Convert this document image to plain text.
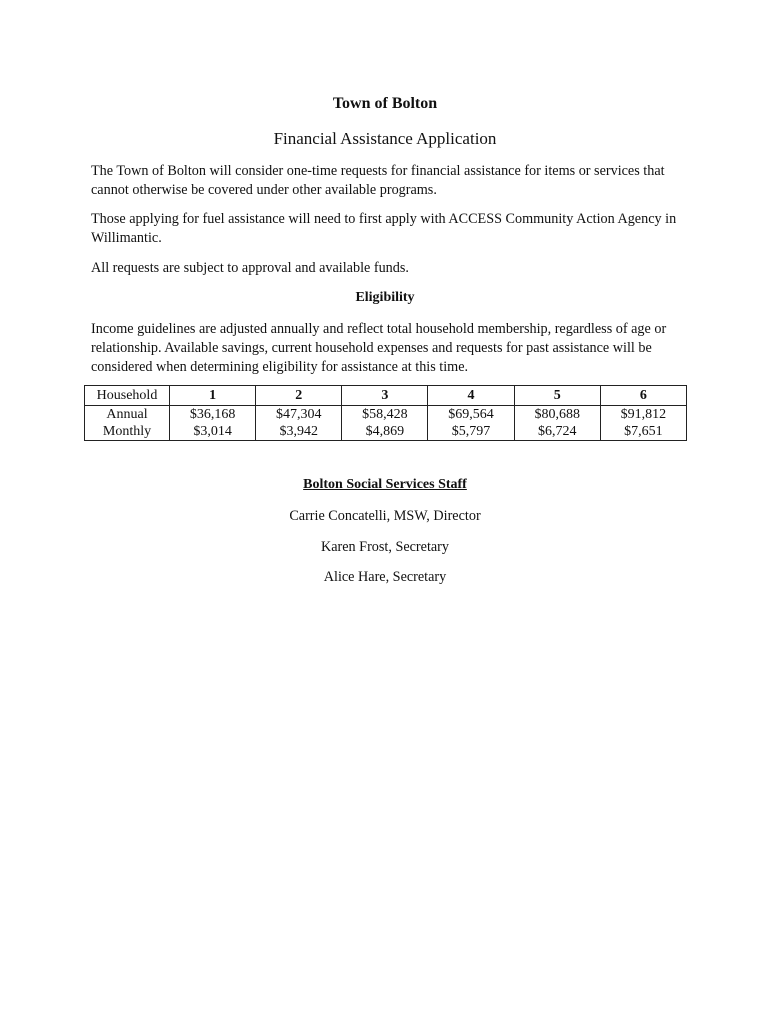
Town of Bolton
Financial Assistance Application

The Town of Bolton will consider one-time requests for financial assistance for items or services that cannot otherwise be covered under other available programs.

Those applying for fuel assistance will need to first apply with ACCESS Community Action Agency in Willimantic.

All requests are subject to approval and available funds.

Eligibility

Income guidelines are adjusted annually and reflect total household membership, regardless of age or relationship. Available savings, current household expenses and requests for past assistance will be considered when determining eligibility for assistance at this time.

Household	1	2	3	4	5	6
Annual	$36,168	$47,304	$58,428	$69,564	$80,688	$91,812
Monthly	$3,014	$3,942	$4,869	$5,797	$6,724	$7,651
Bolton Social Services Staff
Carrie Concatelli, MSW, Director
Karen Frost, Secretary
Alice Hare, Secretary
